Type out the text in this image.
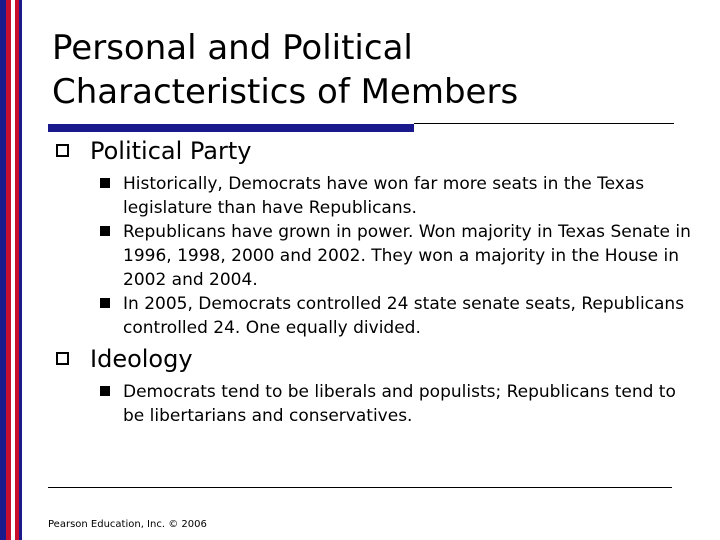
Personal and Political
Characteristics of Members
Political Party
Historically, Democrats have won far more seats in the Texas legislature than have Republicans.
Republicans have grown in power. Won majority in Texas Senate in 1996, 1998, 2000 and 2002. They won a majority in the House in 2002 and 2004.
In 2005, Democrats controlled 24 state senate seats, Republicans controlled 24. One equally divided.
Ideology
Democrats tend to be liberals and populists; Republicans tend to be libertarians and conservatives.
Pearson Education, Inc. © 2006
